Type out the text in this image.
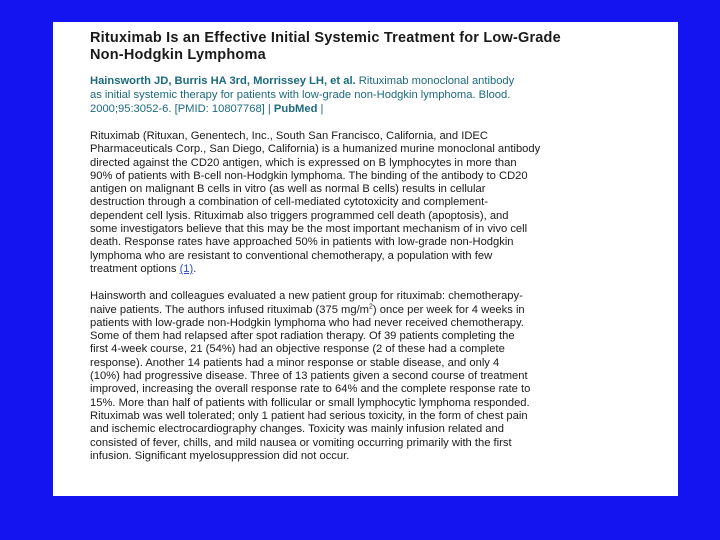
Rituximab Is an Effective Initial Systemic Treatment for Low-Grade
Non-Hodgkin Lymphoma
Hainsworth JD, Burris HA 3rd, Morrissey LH, et al. Rituximab monoclonal antibody
as initial systemic therapy for patients with low-grade non-Hodgkin lymphoma. Blood.
2000;95:3052-6. [PMID: 10807768] | PubMed |
Rituximab (Rituxan, Genentech, Inc., South San Francisco, California, and IDEC
Pharmaceuticals Corp., San Diego, California) is a humanized murine monoclonal antibody
directed against the CD20 antigen, which is expressed on B lymphocytes in more than
90% of patients with B-cell non-Hodgkin lymphoma. The binding of the antibody to CD20
antigen on malignant B cells in vitro (as well as normal B cells) results in cellular
destruction through a combination of cell-mediated cytotoxicity and complement-
dependent cell lysis. Rituximab also triggers programmed cell death (apoptosis), and
some investigators believe that this may be the most important mechanism of in vivo cell
death. Response rates have approached 50% in patients with low-grade non-Hodgkin
lymphoma who are resistant to conventional chemotherapy, a population with few
treatment options (1).
Hainsworth and colleagues evaluated a new patient group for rituximab: chemotherapy-
naive patients. The authors infused rituximab (375 $mg/m^2$) once per week for 4 weeks in
patients with low-grade non-Hodgkin lymphoma who had never received chemotherapy.
Some of them had relapsed after spot radiation therapy. Of 39 patients completing the
first 4-week course, 21 (54%) had an objective response (2 of these had a complete
response). Another 14 patients had a minor response or stable disease, and only 4
(10%) had progressive disease. Three of 13 patients given a second course of treatment
improved, increasing the overall response rate to 64% and the complete response rate to
15%. More than half of patients with follicular or small lymphocytic lymphoma responded.
Rituximab was well tolerated; only 1 patient had serious toxicity, in the form of chest pain
and ischemic electrocardiography changes. Toxicity was mainly infusion related and
consisted of fever, chills, and mild nausea or vomiting occurring primarily with the first
infusion. Significant myelosuppression did not occur.
